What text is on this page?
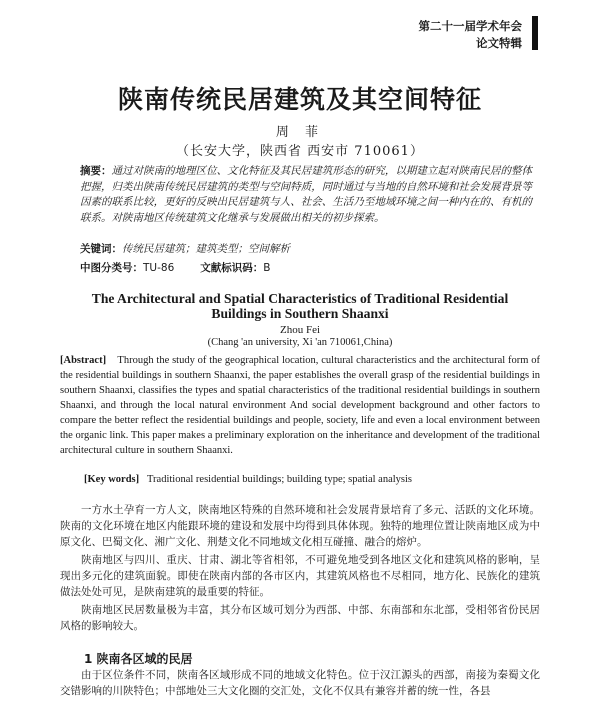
第二十一届学术年会
论文特辑
陕南传统民居建筑及其空间特征
周 菲
（长安大学，陕西省 西安市 710061）
摘要：通过对陕南的地理区位、文化特征及其民居建筑形态的研究，以期建立起对陕南民居的整体把握，归类出陕南传统民居建筑的类型与空间特质，同时通过与当地的自然环境和社会发展背景等因素的联系比较，更好的反映出民居建筑与人、社会、生活乃至地域环境之间一种内在的、有机的联系。对陕南地区传统建筑文化继承与发展做出相关的初步探索。
关键词：传统民居建筑；建筑类型；空间解析
中图分类号：TU-86 文献标识码：B
The Architectural and Spatial Characteristics of Traditional Residential
Buildings in Southern Shaanxi
Zhou Fei
(Chang 'an university, Xi 'an 710061,China)
[Abstract] Through the study of the geographical location, cultural characteristics and the architectural form of the residential buildings in southern Shaanxi, the paper establishes the overall grasp of the residential buildings in southern Shaanxi, classifies the types and spatial characteristics of the traditional residential buildings in southern Shaanxi, and through the local natural environment And social development background and other factors to compare the better reflect the residential buildings and people, society, life and even a local environment between the organic link. This paper makes a preliminary exploration on the inheritance and development of the traditional architectural culture in southern Shaanxi.
[Key words] Traditional residential buildings; building type; spatial analysis

一方水土孕育一方人文，陕南地区特殊的自然环境和社会发展背景培育了多元、活跃的文化环境。陕南的文化环境在地区内能跟环境的建设和发展中均得到具体体现。独特的地理位置让陕南地区成为中原文化、巴蜀文化、湘广文化、荆楚文化不同地域文化相互碰撞、融合的熔炉。

陕南地区与四川、重庆、甘肃、湖北等省相邻，不可避免地受到各地区文化和建筑风格的影响，呈现出多元化的建筑面貌。即使在陕南内部的各市区内，其建筑风格也不尽相同，地方化、民族化的建筑做法处处可见，是陕南建筑的最重要的特征。

陕南地区民居数量极为丰富，其分布区域可划分为西部、中部、东南部和东北部，受相邻省份民居风格的影响较大。

1 陕南各区域的民居
由于区位条件不同，陕南各区域形成不同的地域文化特色。位于汉江源头的西部，南接为秦蜀文化交错影响的川陕特色；中部地处三大文化圈的交汇处，文化不仅具有兼容并蓄的统一性，各县
